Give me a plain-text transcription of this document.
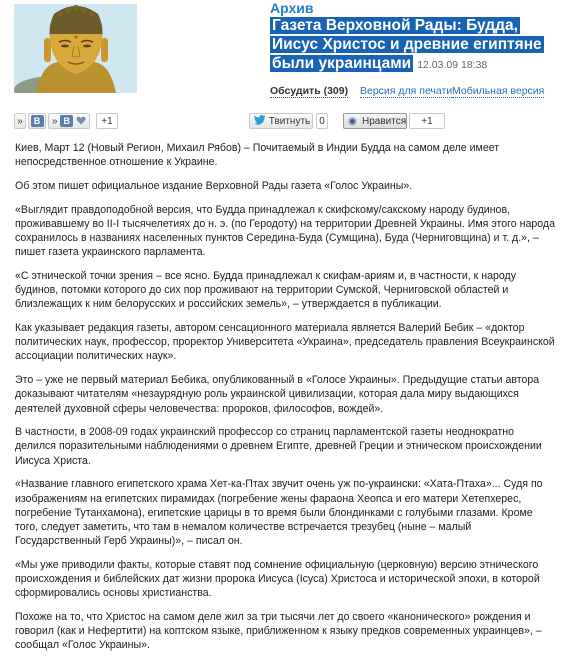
Архив
Газета Верховной Рады: Будда, Иисус Христос и древние египтяне были украинцами 12.03.09 18:38
Обсудить (309) Версия для печати Мобильная версия
»	B	» B	+1	Твитнуть 0	◉ Нравится	+1

Киев, Март 12 (Новый Регион, Михаил Рябов) – Почитаемый в Индии Будда на самом деле имеет непосредственное отношение к Украине.

Об этом пишет официальное издание Верховной Рады газета «Голос Украины».

«Выглядит правдоподобной версия, что Будда принадлежал к скифскому/сакскому народу будинов, проживавшему во II-I тысячелетиях до н. э. (по Геродоту) на территории Древней Украины. Имя этого народа сохранилось в названиях населенных пунктов Середина-Буда (Сумщина), Буда (Черниговщина) и т. д.», – пишет газета украинского парламента.

«С этнической точки зрения – все ясно. Будда принадлежал к скифам-ариям и, в частности, к народу будинов, потомки которого до сих пор проживают на территории Сумской, Черниговской областей и близлежащих к ним белорусских и российских земель», – утверждается в публикации.

Как указывает редакция газеты, автором сенсационного материала является Валерий Бебик – «доктор политических наук, профессор, проректор Университета «Украина», председатель правления Всеукраинской ассоциации политических наук».

Это – уже не первый материал Бебика, опубликованный в «Голосе Украины». Предыдущие статьи автора доказывают читателям «незаурядную роль украинской цивилизации, которая дала миру выдающихся деятелей духовной сферы человечества: пророков, философов, вождей».

В частности, в 2008-09 годах украинский профессор со страниц парламентской газеты неоднократно делился поразительными наблюдениями о древнем Египте, древней Греции и этническом происхождении Иисуса Христа.

«Название главного египетского храма Хет-ка-Птах звучит очень уж по-украински: «Хата-Птаха»... Судя по изображениям на египетских пирамидах (погребение жены фараона Хеопса и его матери Хетепхерес, погребение Тутанхамона), египетские царицы в то время были блондинками с голубыми глазами. Кроме того, следует заметить, что там в немалом количестве встречается трезубец (ныне – малый Государственный Герб Украины)», – писал он.

«Мы уже приводили факты, которые ставят под сомнение официальную (церковную) версию этнического происхождения и библейских дат жизни пророка Иисуса (Ісуса) Христоса и исторической эпохи, в которой сформировались основы христианства.

Похоже на то, что Христос на самом деле жил за три тысячи лет до своего «канонического» рождения и говорил (как и Нефертити) на коптском языке, приближенном к языку предков современных украинцев», – сообщал «Голос Украины».
